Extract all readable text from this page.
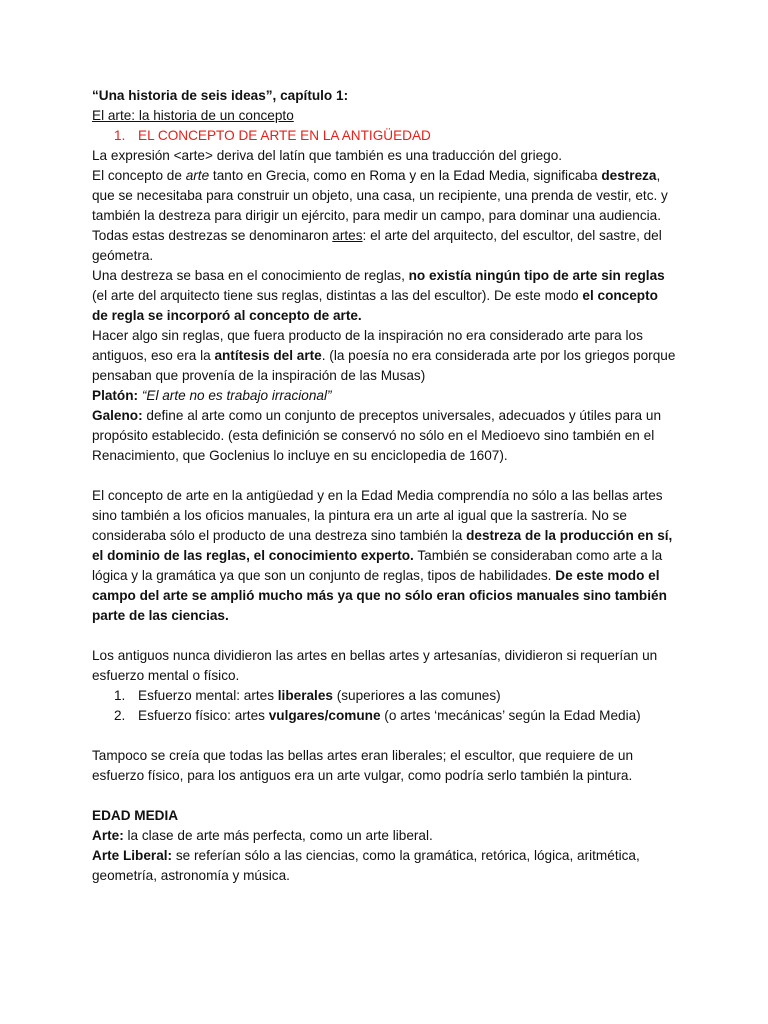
“Una historia de seis ideas”, capítulo 1:

El arte: la historia de un concepto

1. EL CONCEPTO DE ARTE EN LA ANTIGÜEDAD

La expresión <arte> deriva del latín que también es una traducción del griego.

El concepto de arte tanto en Grecia, como en Roma y en la Edad Media, significaba destreza, que se necesitaba para construir un objeto, una casa, un recipiente, una prenda de vestir, etc. y también la destreza para dirigir un ejército, para medir un campo, para dominar una audiencia. Todas estas destrezas se denominaron artes: el arte del arquitecto, del escultor, del sastre, del geómetra.

Una destreza se basa en el conocimiento de reglas, no existía ningún tipo de arte sin reglas (el arte del arquitecto tiene sus reglas, distintas a las del escultor). De este modo el concepto de regla se incorporó al concepto de arte.

Hacer algo sin reglas, que fuera producto de la inspiración no era considerado arte para los antiguos, eso era la antítesis del arte. (la poesía no era considerada arte por los griegos porque pensaban que provenía de la inspiración de las Musas)

Platón: “El arte no es trabajo irracional”

Galeno: define al arte como un conjunto de preceptos universales, adecuados y útiles para un propósito establecido. (esta definición se conservó no sólo en el Medioevo sino también en el Renacimiento, que Goclenius lo incluye en su enciclopedia de 1607).

El concepto de arte en la antigüedad y en la Edad Media comprendía no sólo a las bellas artes sino también a los oficios manuales, la pintura era un arte al igual que la sastrería. No se consideraba sólo el producto de una destreza sino también la destreza de la producción en sí, el dominio de las reglas, el conocimiento experto. También se consideraban como arte a la lógica y la gramática ya que son un conjunto de reglas, tipos de habilidades. De este modo el campo del arte se amplió mucho más ya que no sólo eran oficios manuales sino también parte de las ciencias.

Los antiguos nunca dividieron las artes en bellas artes y artesanías, dividieron si requerían un esfuerzo mental o físico.

1. Esfuerzo mental: artes liberales (superiores a las comunes)

2. Esfuerzo físico: artes vulgares/comune (o artes ‘mecánicas’ según la Edad Media)

Tampoco se creía que todas las bellas artes eran liberales; el escultor, que requiere de un esfuerzo físico, para los antiguos era un arte vulgar, como podría serlo también la pintura.

EDAD MEDIA

Arte: la clase de arte más perfecta, como un arte liberal.

Arte Liberal: se referían sólo a las ciencias, como la gramática, retórica, lógica, aritmética, geometría, astronomía y música.
